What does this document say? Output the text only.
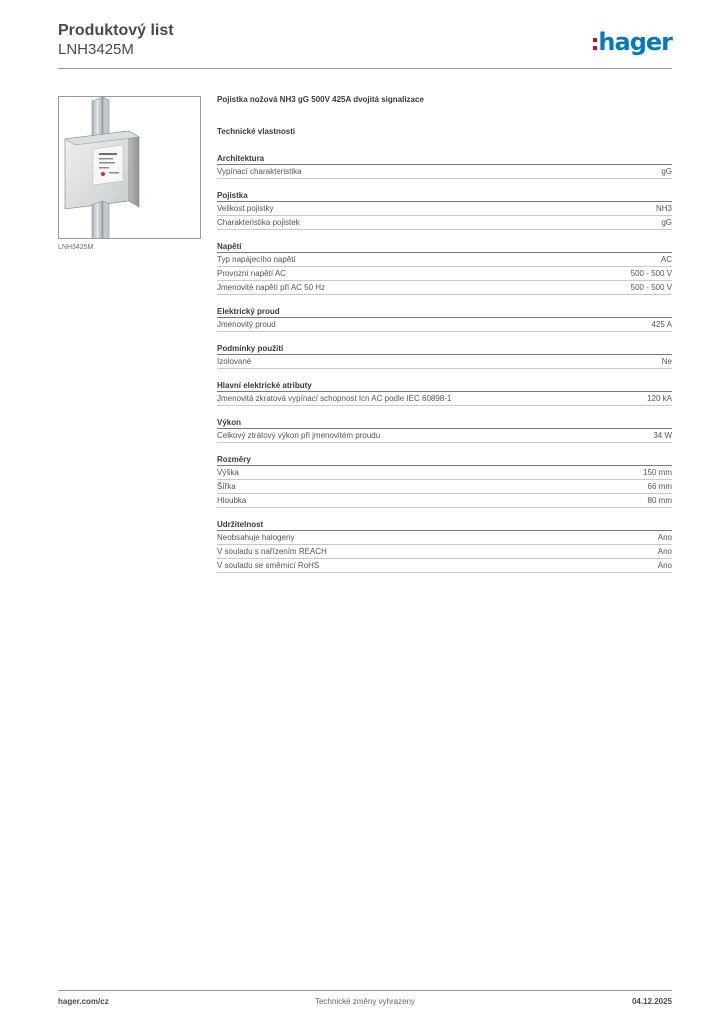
Produktový list
LNH3425M	hager
LNH3425M
Pojistka nožová NH3 gG 500V 425A dvojitá signalizace
Technické vlastnosti
Architektura
Vypínací charakteristika	gG
Pojistka
Velikost pojistky	NH3
Charakteristika pojistek	gG
Napětí
Typ napájecího napětí	AC
Provozní napětí AC	500 - 500 V
Jmenovité napětí při AC 50 Hz	500 - 500 V
Elektrický proud
Jmenovitý proud	425 A
Podmínky použití
Izolované	Ne
Hlavní elektrické atributy
Jmenovitá zkratová vypínací schopnost Icn AC podle IEC 60898-1	120 kA
Výkon
Celkový ztrátový výkon při jmenovitém proudu	34 W
Rozměry
Výška	150 mm
Šířka	66 mm
Hloubka	80 mm
Udržitelnost
Neobsahuje halogeny	Ano
V souladu s nařízením REACH	Ano
V souladu se směrnicí RoHS	Ano
hager.com/cz	Technické změny vyhrazeny	04.12.2025
